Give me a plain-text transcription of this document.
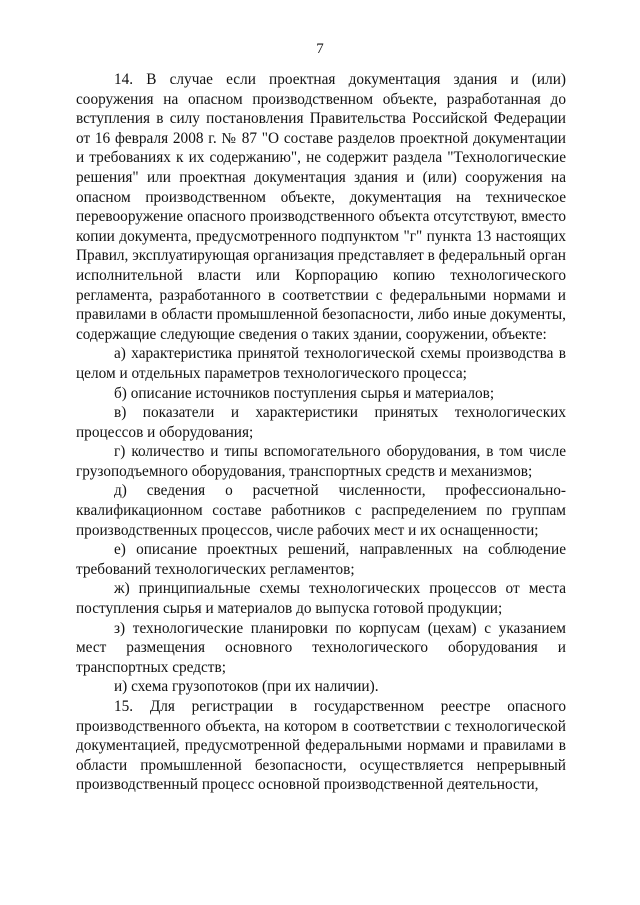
7

14. В случае если проектная документация здания и (или) сооружения на опасном производственном объекте, разработанная до вступления в силу постановления Правительства Российской Федерации от 16 февраля 2008 г. № 87 "О составе разделов проектной документации и требованиях к их содержанию", не содержит раздела "Технологические решения" или проектная документация здания и (или) сооружения на опасном производственном объекте, документация на техническое перевооружение опасного производственного объекта отсутствуют, вместо копии документа, предусмотренного подпунктом "г" пункта 13 настоящих Правил, эксплуатирующая организация представляет в федеральный орган исполнительной власти или Корпорацию копию технологического регламента, разработанного в соответствии с федеральными нормами и правилами в области промышленной безопасности, либо иные документы, содержащие следующие сведения о таких здании, сооружении, объекте:

а) характеристика принятой технологической схемы производства в целом и отдельных параметров технологического процесса;

б) описание источников поступления сырья и материалов;

в) показатели и характеристики принятых технологических процессов и оборудования;

г) количество и типы вспомогательного оборудования, в том числе грузоподъемного оборудования, транспортных средств и механизмов;

д) сведения о расчетной численности, профессионально-квалификационном составе работников с распределением по группам производственных процессов, числе рабочих мест и их оснащенности;

е) описание проектных решений, направленных на соблюдение требований технологических регламентов;

ж) принципиальные схемы технологических процессов от места поступления сырья и материалов до выпуска готовой продукции;

з) технологические планировки по корпусам (цехам) с указанием мест размещения основного технологического оборудования и транспортных средств;

и) схема грузопотоков (при их наличии).

15. Для регистрации в государственном реестре опасного производственного объекта, на котором в соответствии с технологической документацией, предусмотренной федеральными нормами и правилами в области промышленной безопасности, осуществляется непрерывный производственный процесс основной производственной деятельности,
